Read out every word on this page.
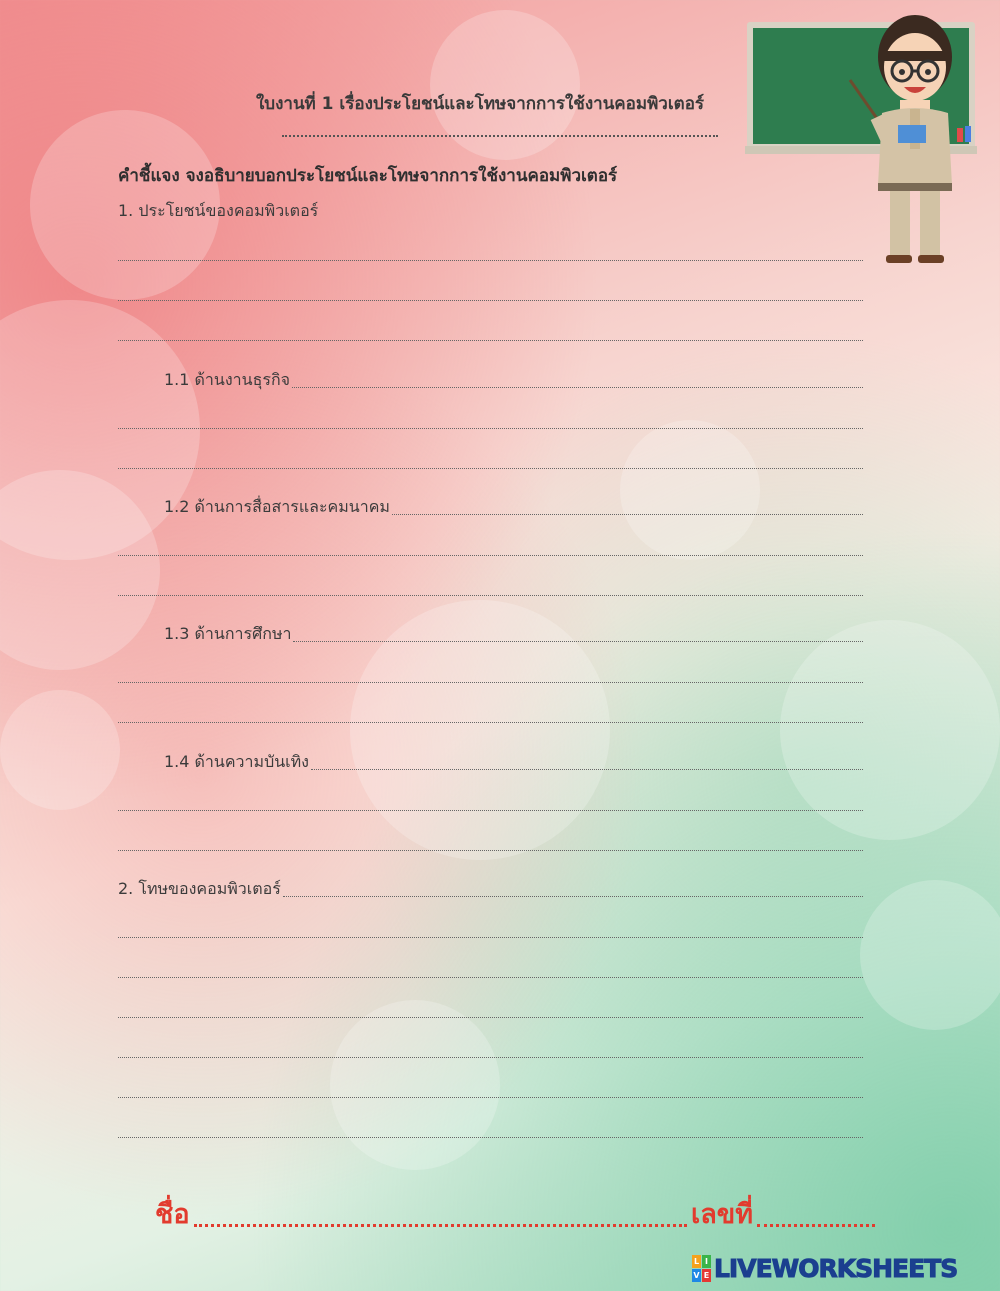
ใบงานที่ 1 เรื่องประโยชน์และโทษจากการใช้งานคอมพิวเตอร์
คำชี้แจง จงอธิบายบอกประโยชน์และโทษจากการใช้งานคอมพิวเตอร์
1. ประโยชน์ของคอมพิวเตอร์
1.1 ด้านงานธุรกิจ
1.2 ด้านการสื่อสารและคมนาคม
1.3 ด้านการศึกษา
1.4 ด้านความบันเทิง
2. โทษของคอมพิวเตอร์
ชื่อ	เลขที่
L I
V E LIVEWORKSHEETS
